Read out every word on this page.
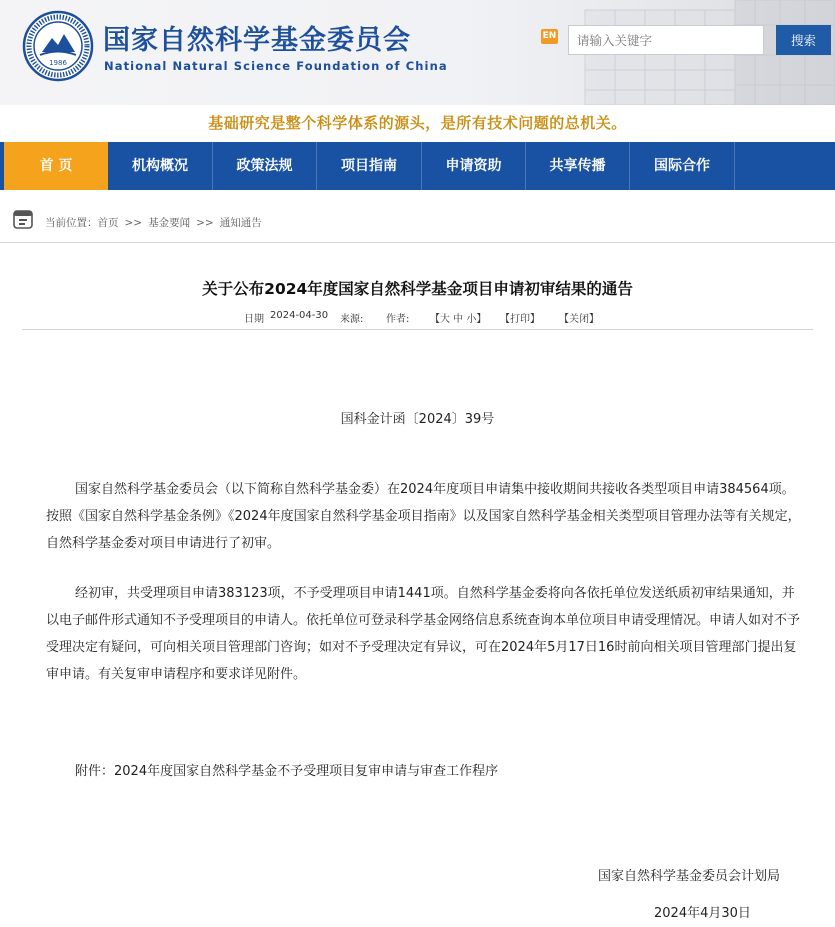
1986
国家自然科学基金委员会
National Natural Science Foundation of China
EN
请输入关键字	搜索
基础研究是整个科学体系的源头，是所有技术问题的总机关。
首 页	机构概况	政策法规	项目指南	申请资助	共享传播	国际合作
当前位置：首页 >> 基金要闻 >> 通知通告
关于公布2024年度国家自然科学基金项目申请初审结果的通告
日期 2024-04-30 来源: 作者: 【大 中 小】 【打印】 【关闭】
国科金计函〔2024〕39号

国家自然科学基金委员会（以下简称自然科学基金委）在2024年度项目申请集中接收期间共接收各类型项目申请384564项。按照《国家自然科学基金条例》《2024年度国家自然科学基金项目指南》以及国家自然科学基金相关类型项目管理办法等有关规定，自然科学基金委对项目申请进行了初审。

经初审，共受理项目申请383123项，不予受理项目申请1441项。自然科学基金委将向各依托单位发送纸质初审结果通知，并以电子邮件形式通知不予受理项目的申请人。依托单位可登录科学基金网络信息系统查询本单位项目申请受理情况。申请人如对不予受理决定有疑问，可向相关项目管理部门咨询；如对不予受理决定有异议，可在2024年5月17日16时前向相关项目管理部门提出复审申请。有关复审申请程序和要求详见附件。

附件：2024年度国家自然科学基金不予受理项目复审申请与审查工作程序
国家自然科学基金委员会计划局
2024年4月30日
